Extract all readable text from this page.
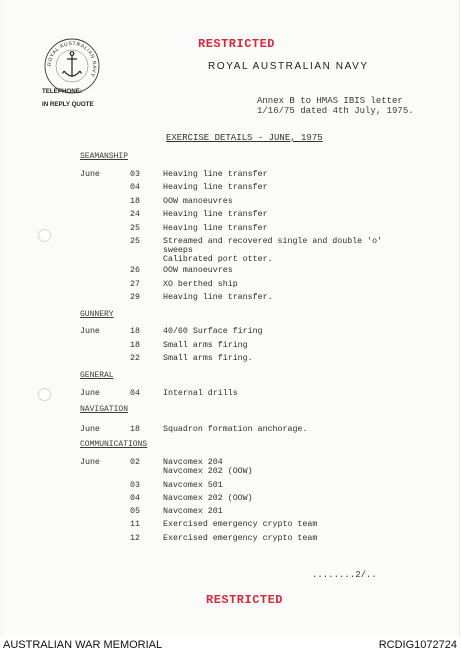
RESTRICTED
ROYAL AUSTRALIAN NAVY
ROYAL AUSTRALIAN NAVY
TELEPHONE:
IN REPLY QUOTE	Annex B to HMAS IBIS letter
1/16/75 dated 4th July, 1975.
EXERCISE DETAILS - JUNE, 1975
SEAMANSHIP
June	03	Heaving line transfer
04	Heaving line transfer
18	OOW manoeuvres
24	Heaving line transfer
25	Heaving line transfer
25	Streamed and recovered single and double 'o'
sweeps
Calibrated port otter.
26	OOW manoeuvres
27	XO berthed ship
29	Heaving line transfer.
GUNNERY
June	18	40/60 Surface firing
18	Small arms firing
22	Small arms firing.
GENERAL
June	04	Internal drills
NAVIGATION
June	18	Squadron formation anchorage.
COMMUNICATIONS
June	02	Navcomex 204
Navcomex 202 (OOW)
03	Navcomex 501
04	Navcomex 202 (OOW)
05	Navcomex 201
11	Exercised emergency crypto team
12	Exercised emergency crypto team
........2/..
RESTRICTED
AUSTRALIAN WAR MEMORIAL	RCDIG1072724
